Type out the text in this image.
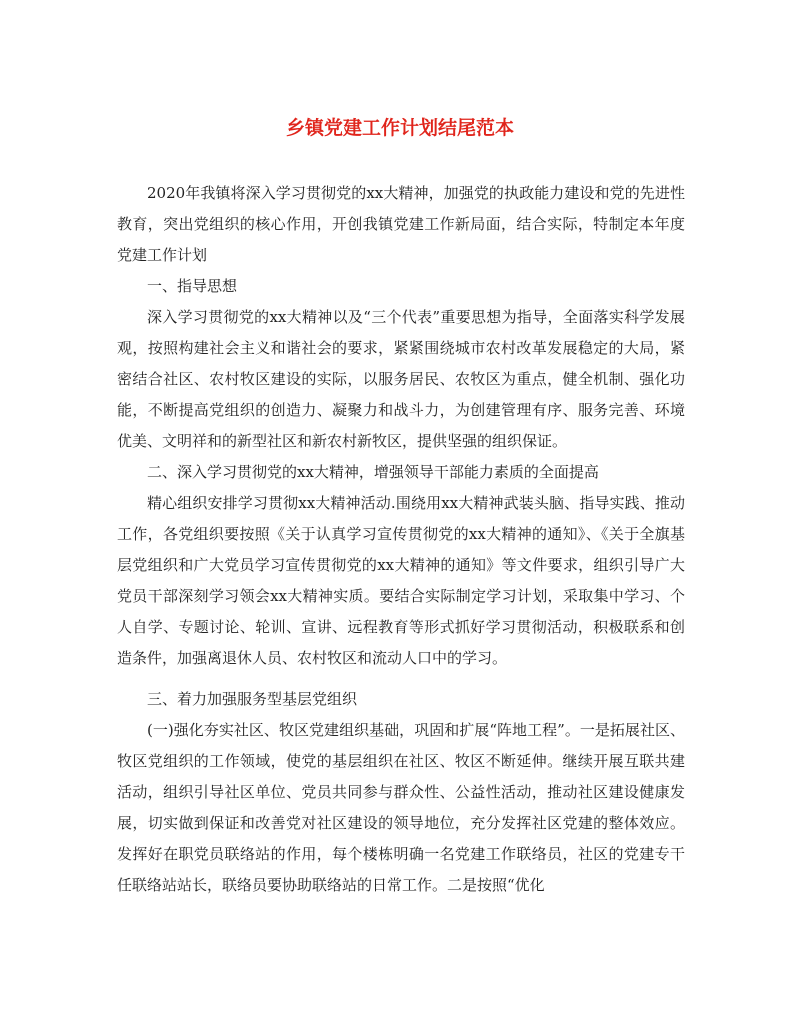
乡镇党建工作计划结尾范本

2020年我镇将深入学习贯彻党的xx大精神，加强党的执政能力建设和党的先进性教育，突出党组织的核心作用，开创我镇党建工作新局面，结合实际，特制定本年度党建工作计划

一、指导思想

深入学习贯彻党的xx大精神以及“三个代表”重要思想为指导，全面落实科学发展观，按照构建社会主义和谐社会的要求，紧紧围绕城市农村改革发展稳定的大局，紧密结合社区、农村牧区建设的实际，以服务居民、农牧区为重点，健全机制、强化功能，不断提高党组织的创造力、凝聚力和战斗力，为创建管理有序、服务完善、环境优美、文明祥和的新型社区和新农村新牧区，提供坚强的组织保证。

二、深入学习贯彻党的xx大精神，增强领导干部能力素质的全面提高

精心组织安排学习贯彻xx大精神活动.围绕用xx大精神武装头脑、指导实践、推动工作，各党组织要按照《关于认真学习宣传贯彻党的xx大精神的通知》、《关于全旗基层党组织和广大党员学习宣传贯彻党的xx大精神的通知》等文件要求，组织引导广大党员干部深刻学习领会xx大精神实质。要结合实际制定学习计划，采取集中学习、个人自学、专题讨论、轮训、宣讲、远程教育等形式抓好学习贯彻活动，积极联系和创造条件，加强离退休人员、农村牧区和流动人口中的学习。

三、着力加强服务型基层党组织

(一)强化夯实社区、牧区党建组织基础，巩固和扩展“阵地工程”。一是拓展社区、牧区党组织的工作领域，使党的基层组织在社区、牧区不断延伸。继续开展互联共建活动，组织引导社区单位、党员共同参与群众性、公益性活动，推动社区建设健康发展，切实做到保证和改善党对社区建设的领导地位，充分发挥社区党建的整体效应。发挥好在职党员联络站的作用，每个楼栋明确一名党建工作联络员，社区的党建专干任联络站站长，联络员要协助联络站的日常工作。二是按照“优化
